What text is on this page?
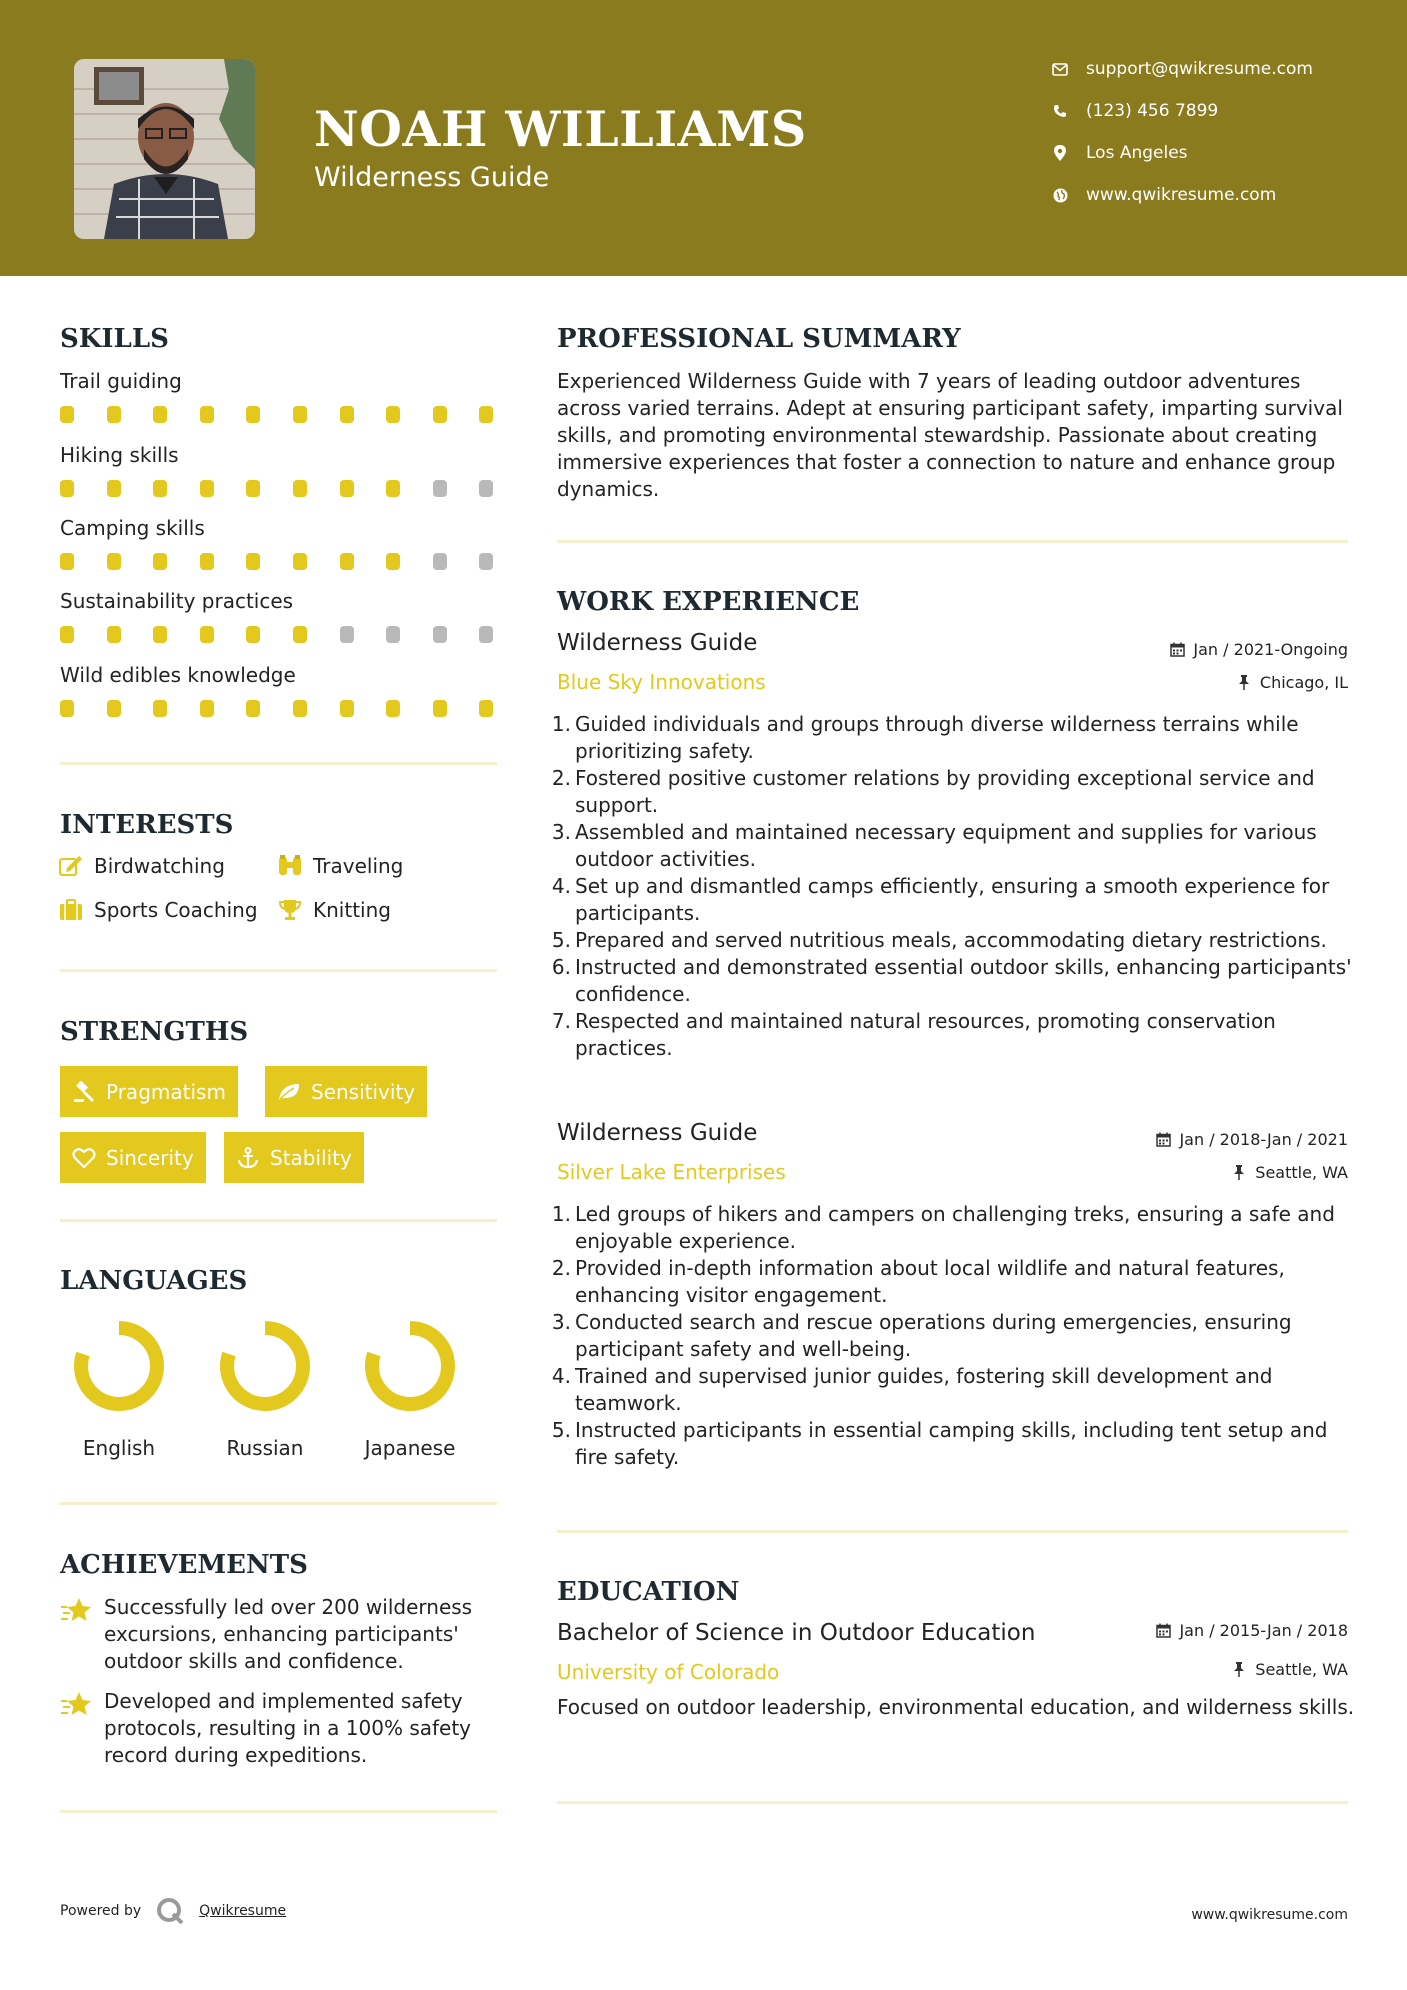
NOAH WILLIAMS
Wilderness Guide
support@qwikresume.com
(123) 456 7899
Los Angeles
www.qwikresume.com
SKILLS
Trail guiding
Hiking skills
Camping skills
Sustainability practices
Wild edibles knowledge
INTERESTS
Birdwatching	Traveling
Sports Coaching	Knitting
STRENGTHS
Pragmatism	Sensitivity
Sincerity	Stability
LANGUAGES
English	Russian	Japanese
ACHIEVEMENTS
Successfully led over 200 wilderness excursions, enhancing participants' outdoor skills and confidence.
Developed and implemented safety protocols, resulting in a 100% safety record during expeditions.
PROFESSIONAL SUMMARY
Experienced Wilderness Guide with 7 years of leading outdoor adventures across varied terrains. Adept at ensuring participant safety, imparting survival skills, and promoting environmental stewardship. Passionate about creating immersive experiences that foster a connection to nature and enhance group dynamics.
WORK EXPERIENCE
Wilderness Guide	Jan / 2021-Ongoing
Blue Sky Innovations	Chicago, IL
1. Guided individuals and groups through diverse wilderness terrains while prioritizing safety.
2. Fostered positive customer relations by providing exceptional service and support.
3. Assembled and maintained necessary equipment and supplies for various outdoor activities.
4. Set up and dismantled camps efficiently, ensuring a smooth experience for participants.
5. Prepared and served nutritious meals, accommodating dietary restrictions.
6. Instructed and demonstrated essential outdoor skills, enhancing participants' confidence.
7. Respected and maintained natural resources, promoting conservation practices.
Wilderness Guide	Jan / 2018-Jan / 2021
Silver Lake Enterprises	Seattle, WA
1. Led groups of hikers and campers on challenging treks, ensuring a safe and enjoyable experience.
2. Provided in-depth information about local wildlife and natural features, enhancing visitor engagement.
3. Conducted search and rescue operations during emergencies, ensuring participant safety and well-being.
4. Trained and supervised junior guides, fostering skill development and teamwork.
5. Instructed participants in essential camping skills, including tent setup and fire safety.
EDUCATION
Bachelor of Science in Outdoor Education	Jan / 2015-Jan / 2018
University of Colorado	Seattle, WA
Focused on outdoor leadership, environmental education, and wilderness skills.
Powered by	Qwikresume	www.qwikresume.com
